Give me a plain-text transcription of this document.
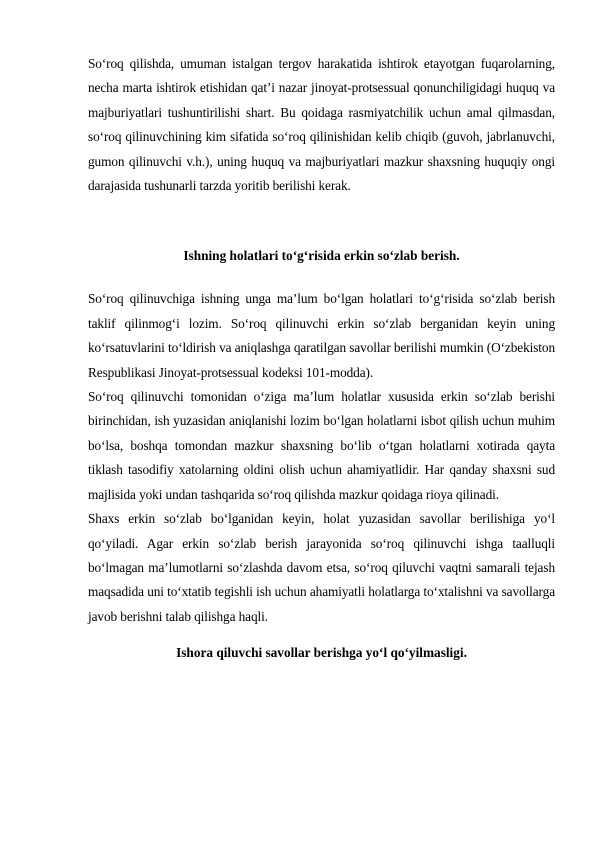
So‘roq qilishda, umuman istalgan tergov harakatida ishtirok etayotgan fuqarolarning, necha marta ishtirok etishidan qat’i nazar jinoyat-protsessual qonunchiligidagi huquq va majburiyatlari tushuntirilishi shart. Bu qoidaga rasmiyatchilik uchun amal qilmasdan, so‘roq qilinuvchining kim sifatida so‘roq qilinishidan kelib chiqib (guvoh, jabrlanuvchi, gumon qilinuvchi v.h.), uning huquq va majburiyatlari mazkur shaxsning huquqiy ongi darajasida tushunarli tarzda yoritib berilishi kerak.

Ishning holatlari to‘g‘risida erkin so‘zlab berish.

So‘roq qilinuvchiga ishning unga ma’lum bo‘lgan holatlari to‘g‘risida so‘zlab berish taklif qilinmog‘i lozim. So‘roq qilinuvchi erkin so‘zlab berganidan keyin uning ko‘rsatuvlarini to‘ldirish va aniqlashga qaratilgan savollar berilishi mumkin (O‘zbekiston Respublikasi Jinoyat-protsessual kodeksi 101-modda).

So‘roq qilinuvchi tomonidan o‘ziga ma’lum holatlar xususida erkin so‘zlab berishi birinchidan, ish yuzasidan aniqlanishi lozim bo‘lgan holatlarni isbot qilish uchun muhim bo‘lsa, boshqa tomondan mazkur shaxsning bo‘lib o‘tgan holatlarni xotirada qayta tiklash tasodifiy xatolarning oldini olish uchun ahamiyatlidir. Har qanday shaxsni sud majlisida yoki undan tashqarida so‘roq qilishda mazkur qoidaga rioya qilinadi.

Shaxs erkin so‘zlab bo‘lganidan keyin, holat yuzasidan savollar berilishiga yo‘l qo‘yiladi. Agar erkin so‘zlab berish jarayonida so‘roq qilinuvchi ishga taalluqli bo‘lmagan ma’lumotlarni so‘zlashda davom etsa, so‘roq qiluvchi vaqtni samarali tejash maqsadida uni to‘xtatib tegishli ish uchun ahamiyatli holatlarga to‘xtalishni va savollarga javob berishni talab qilishga haqli.

Ishora qiluvchi savollar berishga yo‘l qo‘yilmasligi.
